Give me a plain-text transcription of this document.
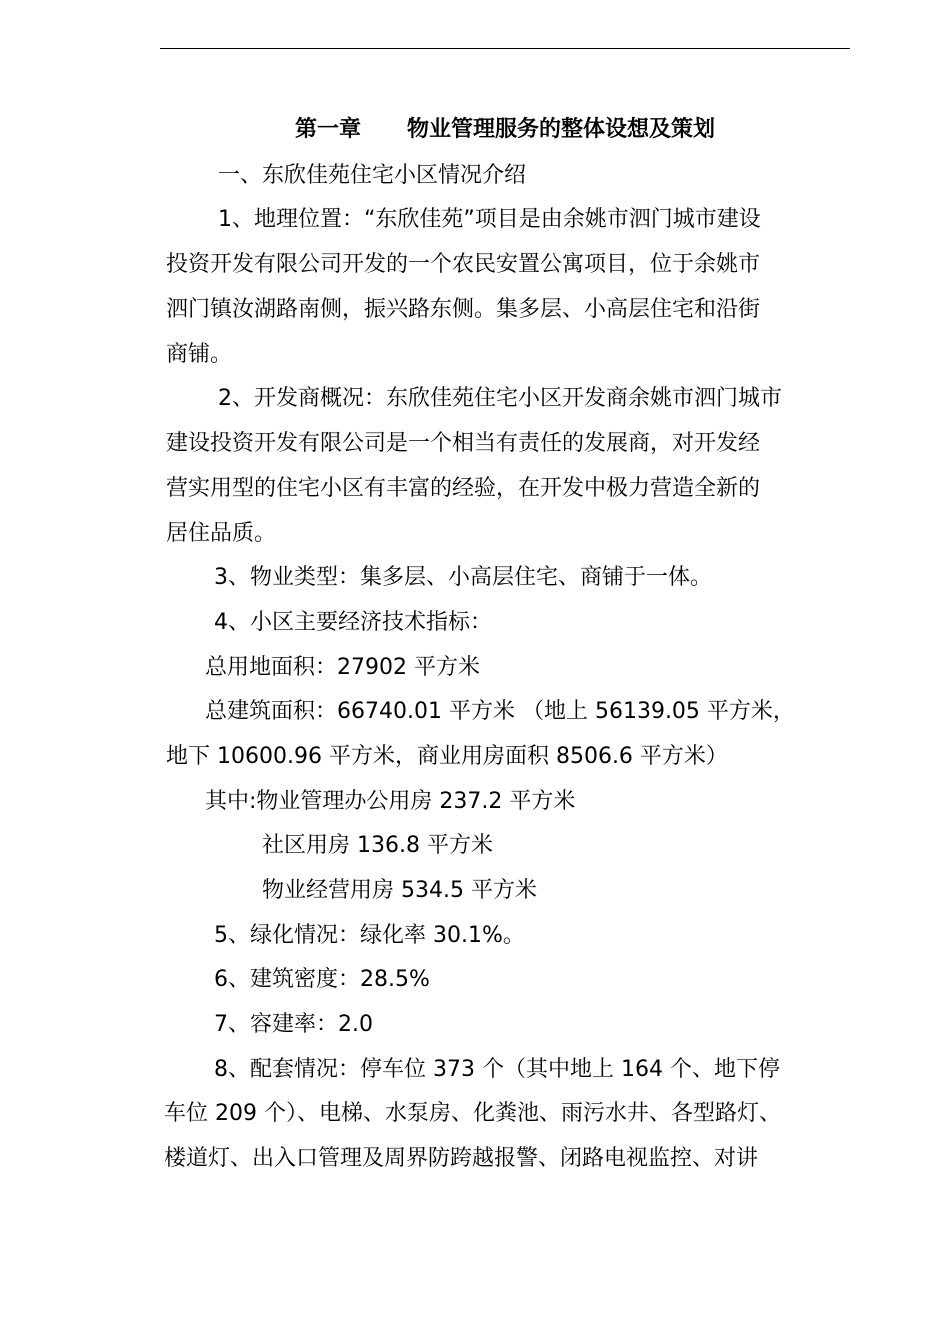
第一章      物业管理服务的整体设想及策划
一、东欣佳苑住宅小区情况介绍
1、地理位置：“东欣佳苑”项目是由余姚市泗门城市建设
投资开发有限公司开发的一个农民安置公寓项目，位于余姚市
泗门镇汝湖路南侧，振兴路东侧。集多层、小高层住宅和沿街
商铺。
2、开发商概况：东欣佳苑住宅小区开发商余姚市泗门城市
建设投资开发有限公司是一个相当有责任的发展商，对开发经
营实用型的住宅小区有丰富的经验，在开发中极力营造全新的
居住品质。
3、物业类型：集多层、小高层住宅、商铺于一体。
4、小区主要经济技术指标：
总用地面积：27902 平方米
总建筑面积：66740.01 平方米 （地上 56139.05 平方米，
地下 10600.96 平方米，商业用房面积 8506.6 平方米）
其中:物业管理办公用房 237.2 平方米
社区用房 136.8 平方米
物业经营用房 534.5 平方米
5、绿化情况：绿化率 30.1%。
6、建筑密度：28.5%
7、容建率：2.0
8、配套情况：停车位 373 个（其中地上 164 个、地下停
车位 209 个）、电梯、水泵房、化粪池、雨污水井、各型路灯、
楼道灯、出入口管理及周界防跨越报警、闭路电视监控、对讲
